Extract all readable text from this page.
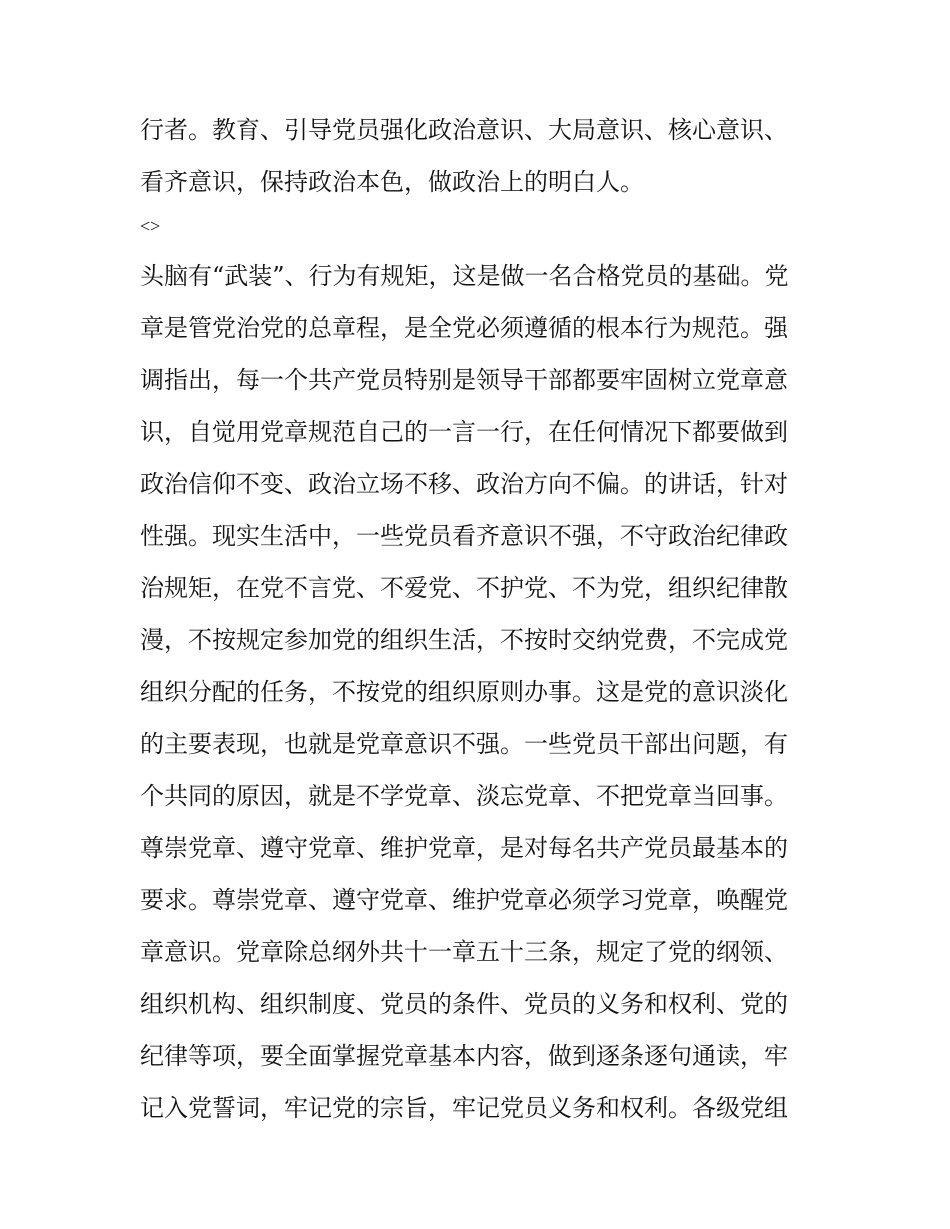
行者。教育、引导党员强化政治意识、大局意识、核心意识、
看齐意识，保持政治本色，做政治上的明白人。
<>
头脑有“武装”、行为有规矩，这是做一名合格党员的基础。党
章是管党治党的总章程，是全党必须遵循的根本行为规范。强
调指出，每一个共产党员特别是领导干部都要牢固树立党章意
识，自觉用党章规范自己的一言一行，在任何情况下都要做到
政治信仰不变、政治立场不移、政治方向不偏。的讲话，针对
性强。现实生活中，一些党员看齐意识不强，不守政治纪律政
治规矩，在党不言党、不爱党、不护党、不为党，组织纪律散
漫，不按规定参加党的组织生活，不按时交纳党费，不完成党
组织分配的任务，不按党的组织原则办事。这是党的意识淡化
的主要表现，也就是党章意识不强。一些党员干部出问题，有
个共同的原因，就是不学党章、淡忘党章、不把党章当回事。
尊崇党章、遵守党章、维护党章，是对每名共产党员最基本的
要求。尊崇党章、遵守党章、维护党章必须学习党章，唤醒党
章意识。党章除总纲外共十一章五十三条，规定了党的纲领、
组织机构、组织制度、党员的条件、党员的义务和权利、党的
纪律等项，要全面掌握党章基本内容，做到逐条逐句通读，牢
记入党誓词，牢记党的宗旨，牢记党员义务和权利。各级党组
